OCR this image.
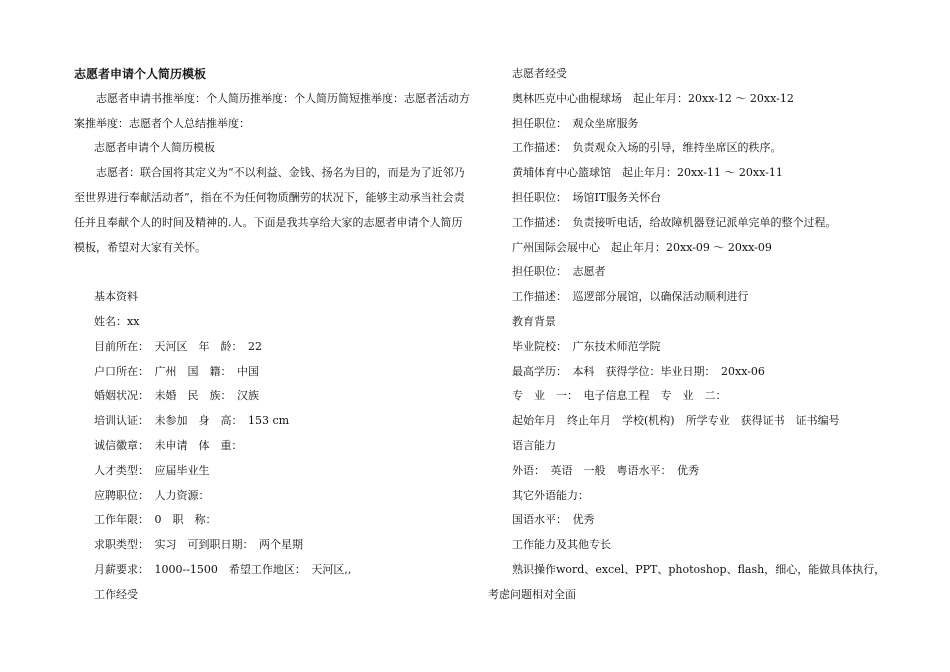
志愿者申请个人简历模板
志愿者申请书推举度：个人简历推举度：个人简历简短推举度：志愿者活动方案推举度：志愿者个人总结推举度：
志愿者申请个人简历模板
志愿者：联合国将其定义为“不以利益、金钱、扬名为目的，而是为了近邻乃至世界进行奉献活动者”，指在不为任何物质酬劳的状况下，能够主动承当社会责任并且奉献个人的时间及精神的.人。下面是我共享给大家的志愿者申请个人简历模板，希望对大家有关怀。
基本资料
姓名：xx
目前所在：　天河区　年　龄：　22
户口所在：　广州　国　籍：　中国
婚姻状况：　未婚　民　族：　汉族
培训认证：　未参加　身　高：　153 cm
诚信徽章：　未申请　体　重：
人才类型：　应届毕业生
应聘职位：　人力资源：
工作年限：　0　职　称：
求职类型：　实习　可到职日期：　两个星期
月薪要求：　1000--1500　希望工作地区：　天河区,,
工作经受
志愿者经受
奥林匹克中心曲棍球场　起止年月：20xx-12 ～ 20xx-12
担任职位：　观众坐席服务
工作描述：　负责观众入场的引导，维持坐席区的秩序。
黄埔体育中心篮球馆　起止年月：20xx-11 ～ 20xx-11
担任职位：　场馆IT服务关怀台
工作描述：　负责接听电话，给故障机器登记派单完单的整个过程。
广州国际会展中心　起止年月：20xx-09 ～ 20xx-09
担任职位：　志愿者
工作描述：　巡逻部分展馆，以确保活动顺利进行
教育背景
毕业院校：　广东技术师范学院
最高学历：　本科　获得学位：毕业日期：　20xx-06
专　业　一：　电子信息工程　专　业　二：
起始年月　终止年月　学校(机构)　所学专业　获得证书　证书编号
语言能力
外语：　英语　一般　粤语水平：　优秀
其它外语能力：
国语水平：　优秀
工作能力及其他专长
熟识操作word、excel、PPT、photoshop、flash，细心，能做具体执行，
考虑问题相对全面
